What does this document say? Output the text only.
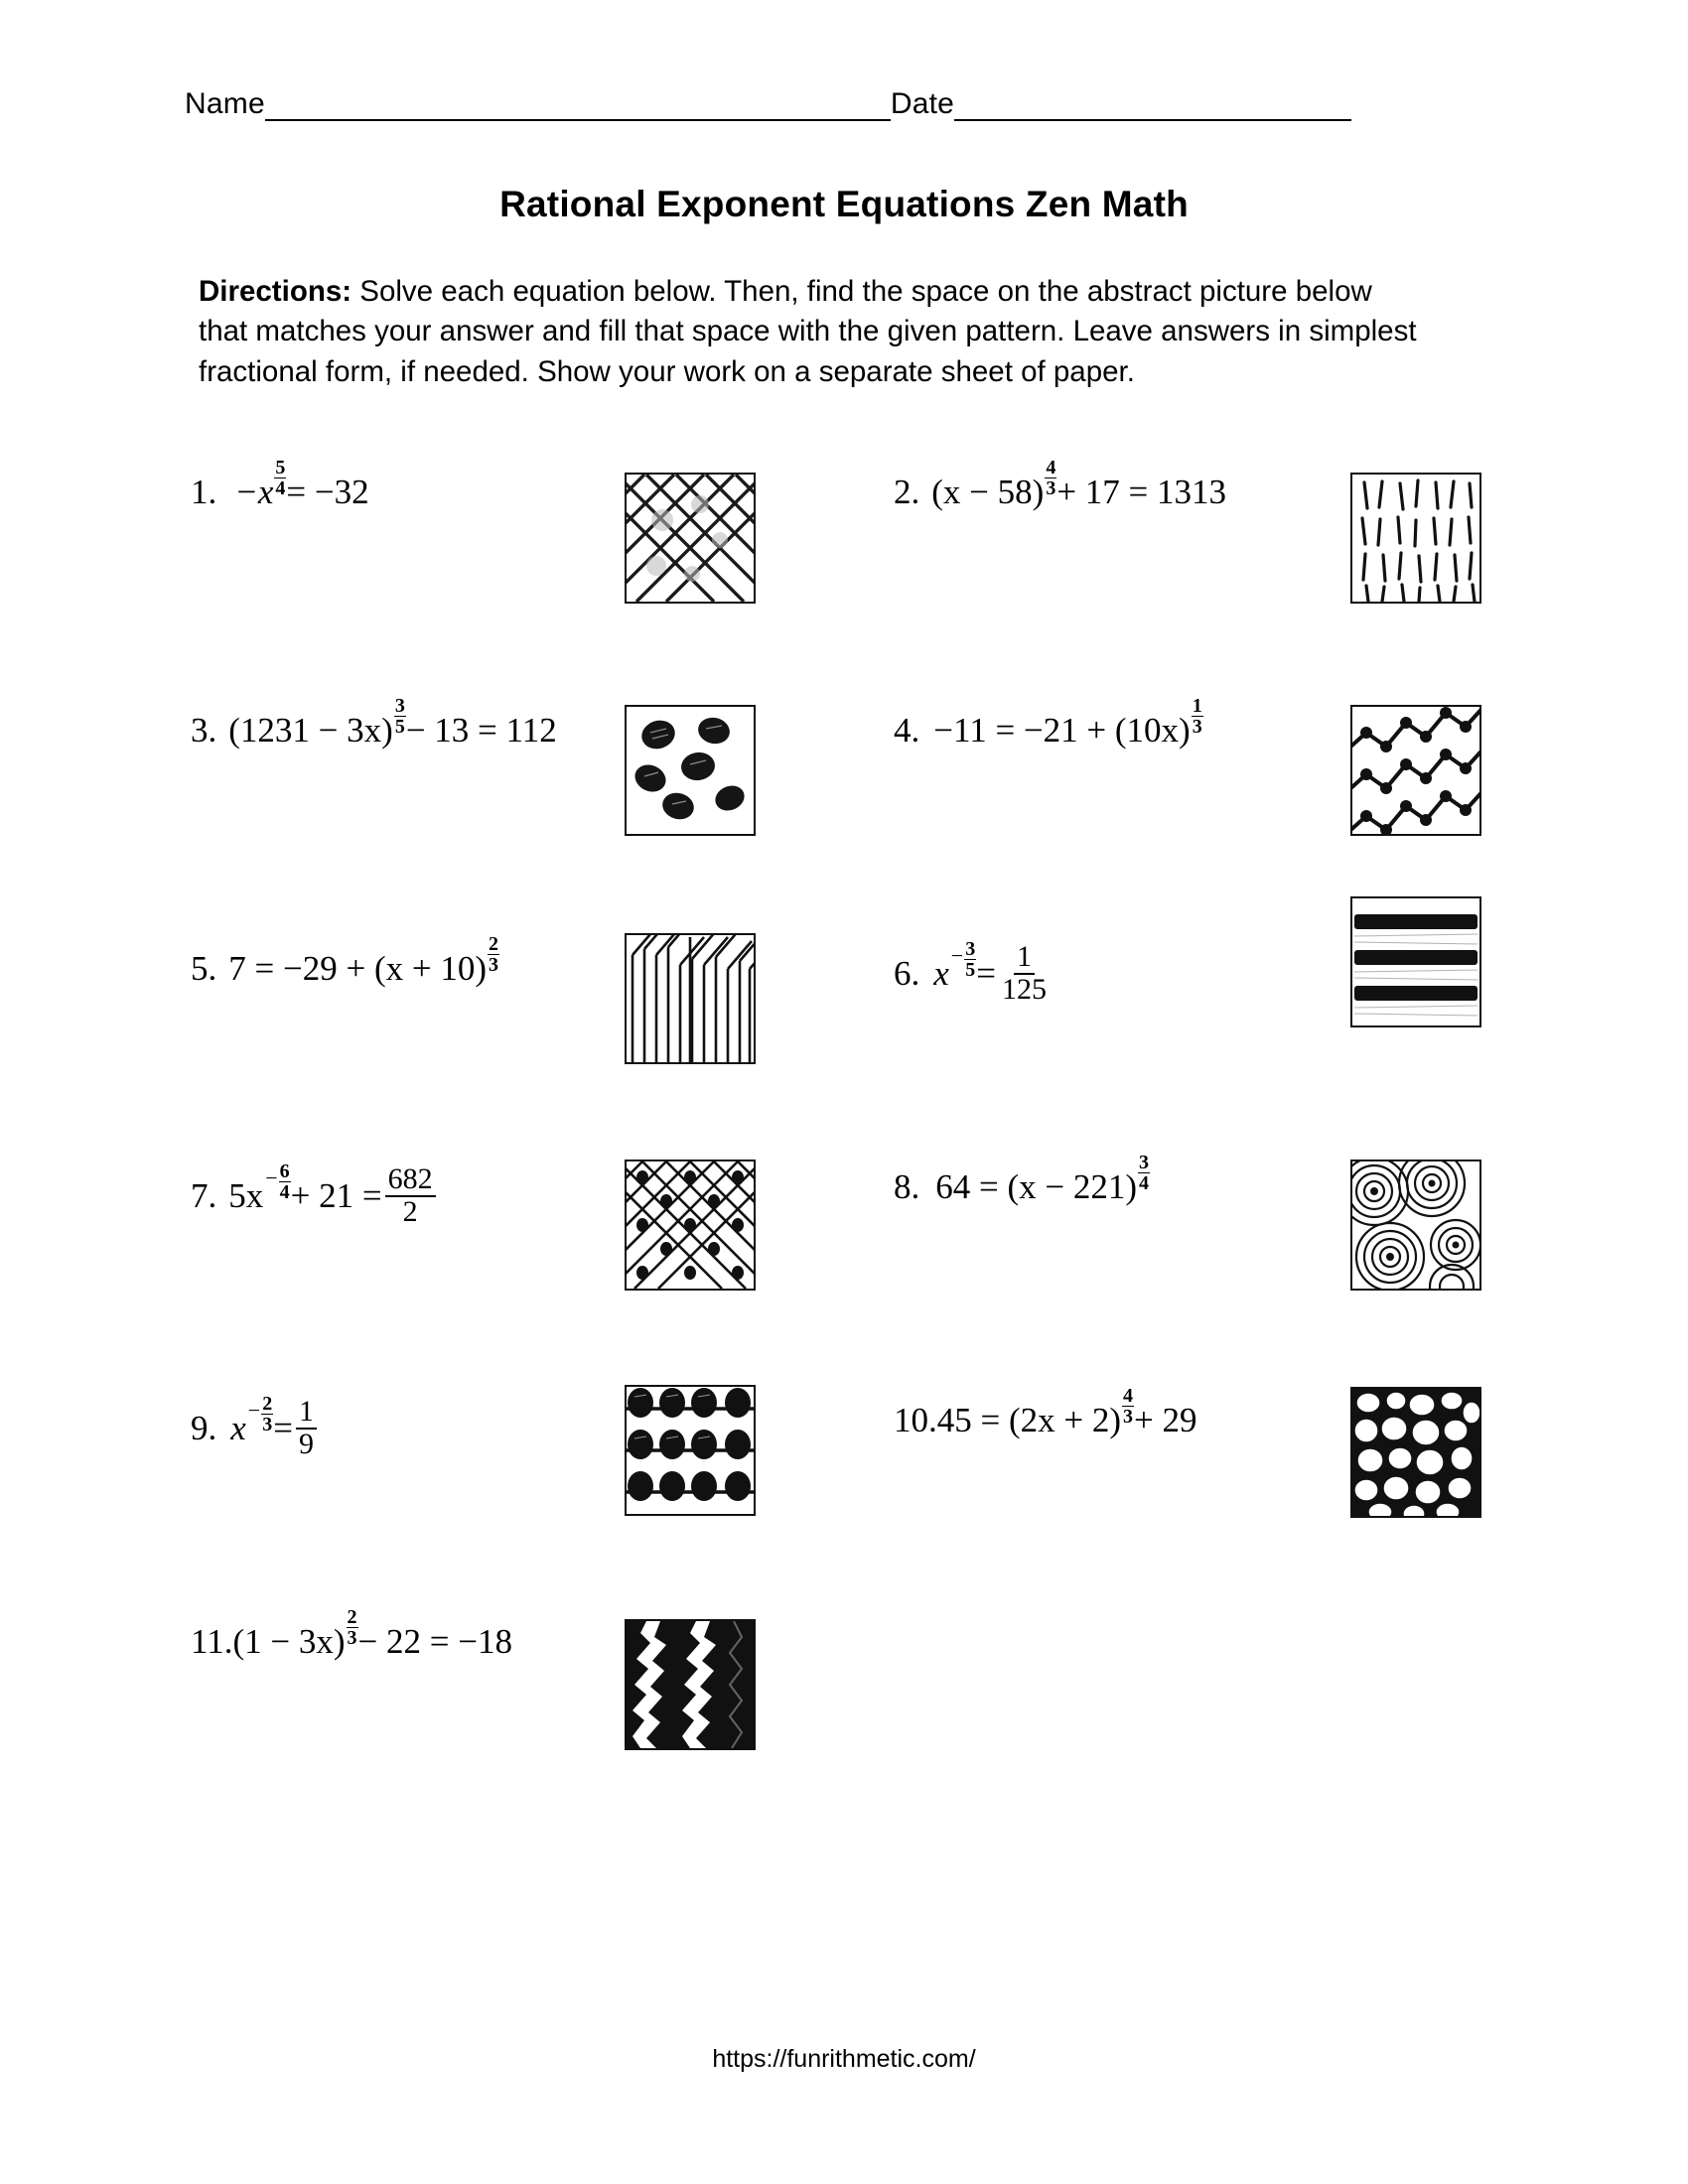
Name	Date
Rational Exponent Equations Zen Math
Directions: Solve each equation below. Then, find the space on the abstract picture below that matches your answer and fill that space with the given pattern. Leave answers in simplest fractional form, if needed. Show your work on a separate sheet of paper.
1. $-x \frac{5}{4} = -32$	2. $(x - 58) \frac{4}{3} + 17 = 1313$
3. $(1231 - 3x) \frac{3}{5} - 13 = 112$	4. $-11 = -21 + (10x) \frac{1}{3}$
5. $7 = -29 + (x + 10) \frac{2}{3}$	6. $x - \frac{3}{5} = \frac{1}{125}$
7. $5x - \frac{6}{4} + 21 = \frac{682}{2}$	8. $64 = (x - 221) \frac{3}{4}$
9. $x - \frac{2}{3} = \frac{1}{9}$	10. $45 = (2x + 2) \frac{4}{3} + 29$
11. $(1 - 3x) \frac{2}{3} - 22 = -18$
https://funrithmetic.com/
